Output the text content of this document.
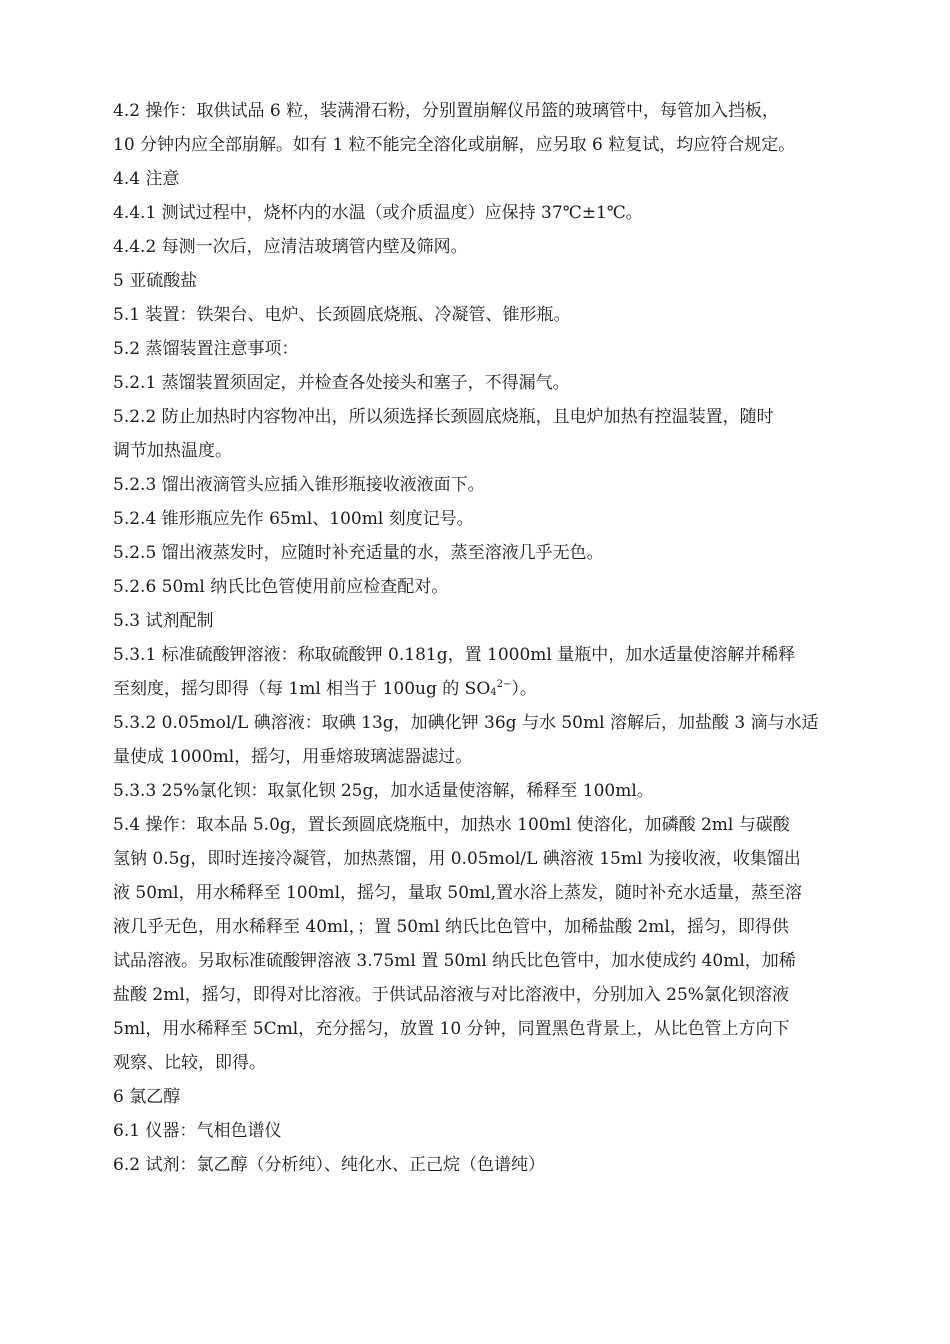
4.2 操作：取供试品 6 粒，装满滑石粉，分别置崩解仪吊篮的玻璃管中，每管加入挡板，

10 分钟内应全部崩解。如有 1 粒不能完全溶化或崩解，应另取 6 粒复试，均应符合规定。

4.4 注意

4.4.1 测试过程中，烧杯内的水温（或介质温度）应保持 37℃±1℃。

4.4.2 每测一次后，应清洁玻璃管内壁及筛网。

5 亚硫酸盐

5.1 装置：铁架台、电炉、长颈圆底烧瓶、冷凝管、锥形瓶。

5.2 蒸馏装置注意事项：

5.2.1 蒸馏装置须固定，并检查各处接头和塞子，不得漏气。

5.2.2 防止加热时内容物冲出，所以须选择长颈圆底烧瓶，且电炉加热有控温装置，随时

调节加热温度。

5.2.3 馏出液滴管头应插入锥形瓶接收液液面下。

5.2.4 锥形瓶应先作 65ml、100ml 刻度记号。

5.2.5 馏出液蒸发时，应随时补充适量的水，蒸至溶液几乎无色。

5.2.6 50ml 纳氏比色管使用前应检查配对。

5.3 试剂配制

5.3.1 标准硫酸钾溶液：称取硫酸钾 0.181g，置 1000ml 量瓶中，加水适量使溶解并稀释

至刻度，摇匀即得（每 1ml 相当于 100ug 的 $SO_4^{2-}$）。

5.3.2 0.05mol/L 碘溶液：取碘 13g，加碘化钾 36g 与水 50ml 溶解后，加盐酸 3 滴与水适

量使成 1000ml，摇匀，用垂熔玻璃滤器滤过。

5.3.3 25%氯化钡：取氯化钡 25g，加水适量使溶解，稀释至 100ml。

5.4 操作：取本品 5.0g，置长颈圆底烧瓶中，加热水 100ml 使溶化，加磷酸 2ml 与碳酸

氢钠 0.5g，即时连接冷凝管，加热蒸馏，用 0.05mol/L 碘溶液 15ml 为接收液，收集馏出

液 50ml，用水稀释至 100ml，摇匀，量取 50ml,置水浴上蒸发，随时补充水适量，蒸至溶

液几乎无色，用水稀释至 40ml，；置 50ml 纳氏比色管中，加稀盐酸 2ml，摇匀，即得供

试品溶液。另取标准硫酸钾溶液 3.75ml 置 50ml 纳氏比色管中，加水使成约 40ml，加稀

盐酸 2ml，摇匀，即得对比溶液。于供试品溶液与对比溶液中，分别加入 25%氯化钡溶液

5ml，用水稀释至 5Cml，充分摇匀，放置 10 分钟，同置黑色背景上，从比色管上方向下

观察、比较，即得。

6 氯乙醇

6.1 仪器：气相色谱仪

6.2 试剂：氯乙醇（分析纯）、纯化水、正己烷（色谱纯）
